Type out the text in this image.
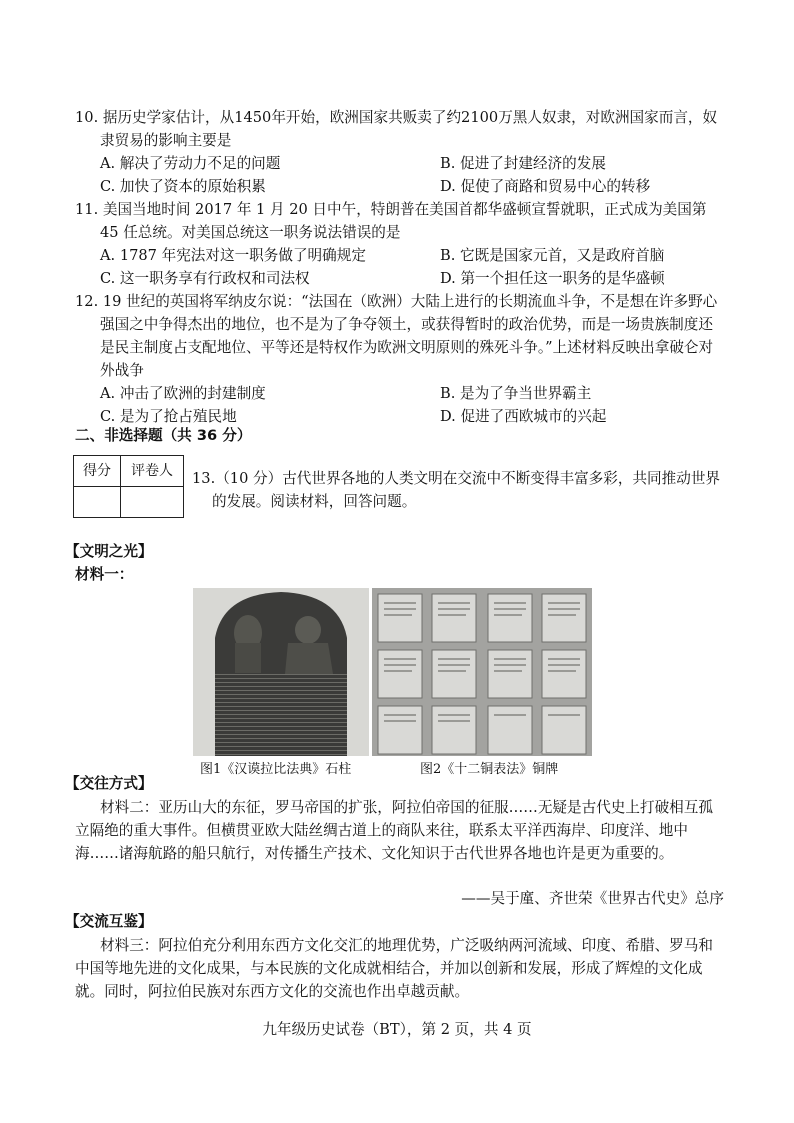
10. 据历史学家估计，从1450年开始，欧洲国家共贩卖了约2100万黑人奴隶，对欧洲国家而言，奴隶贸易的影响主要是

A. 解决了劳动力不足的问题	B. 促进了封建经济的发展
C. 加快了资本的原始积累	D. 促使了商路和贸易中心的转移

11. 美国当地时间 2017 年 1 月 20 日中午，特朗普在美国首都华盛顿宣誓就职，正式成为美国第 45 任总统。对美国总统这一职务说法错误的是

A. 1787 年宪法对这一职务做了明确规定	B. 它既是国家元首，又是政府首脑
C. 这一职务享有行政权和司法权	D. 第一个担任这一职务的是华盛顿

12. 19 世纪的英国将军纳皮尔说：“法国在（欧洲）大陆上进行的长期流血斗争，不是想在许多野心强国之中争得杰出的地位，也不是为了争夺领土，或获得暂时的政治优势，而是一场贵族制度还是民主制度占支配地位、平等还是特权作为欧洲文明原则的殊死斗争。”上述材料反映出拿破仑对外战争

A. 冲击了欧洲的封建制度	B. 是为了争当世界霸主
C. 是为了抢占殖民地	D. 促进了西欧城市的兴起
二、非选择题（共 36 分）
得分	评卷人
	13.（10 分）古代世界各地的人类文明在交流中不断变得丰富多彩，共同推动世界的发展。阅读材料，回答问题。

【文明之光】
材料一：
图1《汉谟拉比法典》石柱	图2《十二铜表法》铜牌
【交往方式】

材料二：亚历山大的东征，罗马帝国的扩张，阿拉伯帝国的征服……无疑是古代史上打破相互孤立隔绝的重大事件。但横贯亚欧大陆丝绸古道上的商队来往，联系太平洋西海岸、印度洋、地中海……诸海航路的船只航行，对传播生产技术、文化知识于古代世界各地也许是更为重要的。

——吴于廑、齐世荣《世界古代史》总序
【交流互鉴】

材料三：阿拉伯充分利用东西方文化交汇的地理优势，广泛吸纳两河流域、印度、希腊、罗马和中国等地先进的文化成果，与本民族的文化成就相结合，并加以创新和发展，形成了辉煌的文化成就。同时，阿拉伯民族对东西方文化的交流也作出卓越贡献。

九年级历史试卷（BT），第 2 页，共 4 页
